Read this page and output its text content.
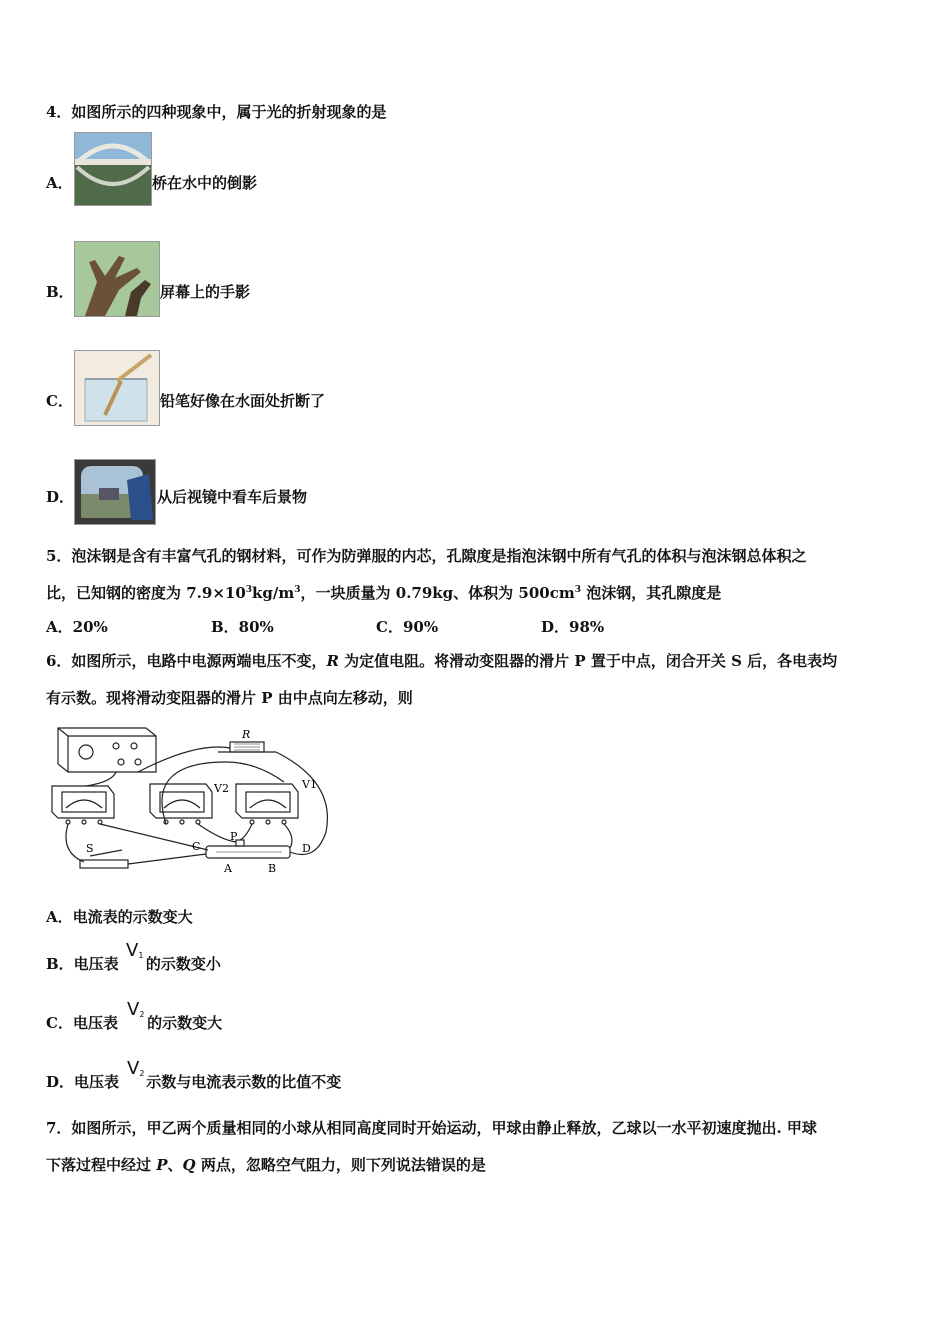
4．如图所示的四种现象中，属于光的折射现象的是
A．	桥在水中的倒影
B．	屏幕上的手影
C．	铅笔好像在水面处折断了
D．	从后视镜中看车后景物
5．泡沫钢是含有丰富气孔的钢材料，可作为防弹服的内芯，孔隙度是指泡沫钢中所有气孔的体积与泡沫钢总体积之
比，已知钢的密度为 $7.9\times 10^3kg/m^3$，一块质量为 0.79kg、体积为 $500cm^3$ 泡沫钢，其孔隙度是
A．20%	B．80%	C．90%	D．98%
6．如图所示，电路中电源两端电压不变，R 为定值电阻。将滑动变阻器的滑片 P 置于中点，闭合开关 S 后，各电表均
有示数。现将滑动变阻器的滑片 P 由中点向左移动，则
R
V2	V1
S
P
C	D
A	B
A．电流表的示数变大
B．电压表 的示数变小
V1
C．电压表 的示数变大
V2
D．电压表 示数与电流表示数的比值不变
V2
7．如图所示，甲乙两个质量相同的小球从相同高度同时开始运动，甲球由静止释放，乙球以一水平初速度抛出. 甲球
下落过程中经过 P、Q 两点，忽略空气阻力，则下列说法错误的是
